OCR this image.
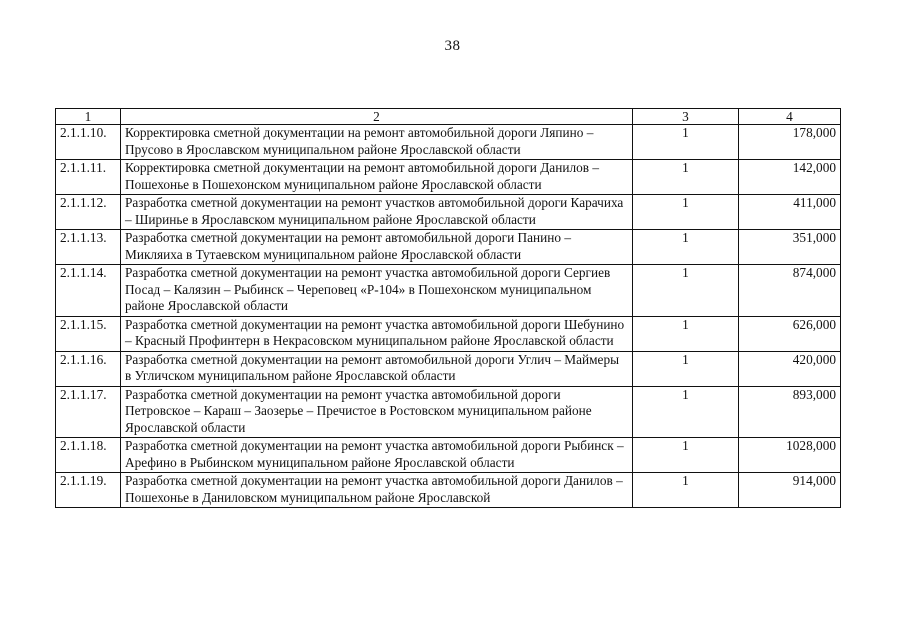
38
1	2	3	4
2.1.1.10.	Корректировка сметной документации на ремонт автомобильной дороги Ляпино – Прусово в Ярославском муниципальном районе Ярославской области	1	178,000
2.1.1.11.	Корректировка сметной документации на ремонт автомобильной дороги Данилов – Пошехонье в Пошехонском муниципальном районе Ярославской области	1	142,000
2.1.1.12.	Разработка сметной документации на ремонт участков автомобильной дороги Карачиха – Ширинье в Ярославском муниципальном районе Ярославской области	1	411,000
2.1.1.13.	Разработка сметной документации на ремонт автомобильной дороги Панино – Микляиха в Тутаевском муниципальном районе Ярославской области	1	351,000
2.1.1.14.	Разработка сметной документации на ремонт участка автомобильной дороги Сергиев Посад – Калязин – Рыбинск – Череповец «Р-104» в Пошехонском муниципальном районе Ярославской области	1	874,000
2.1.1.15.	Разработка сметной документации на ремонт участка автомобильной дороги Шебунино – Красный Профинтерн в Некрасовском муниципальном районе Ярославской области	1	626,000
2.1.1.16.	Разработка сметной документации на ремонт автомобильной дороги Углич – Маймеры в Угличском муниципальном районе Ярославской области	1	420,000
2.1.1.17.	Разработка сметной документации на ремонт участка автомобильной дороги Петровское – Караш – Заозерье – Пречистое в Ростовском муниципальном районе Ярославской области	1	893,000
2.1.1.18.	Разработка сметной документации на ремонт участка автомобильной дороги Рыбинск – Арефино в Рыбинском муниципальном районе Ярославской области	1	1028,000
2.1.1.19.	Разработка сметной документации на ремонт участка автомобильной дороги Данилов – Пошехонье в Даниловском муниципальном районе Ярославской	1	914,000
